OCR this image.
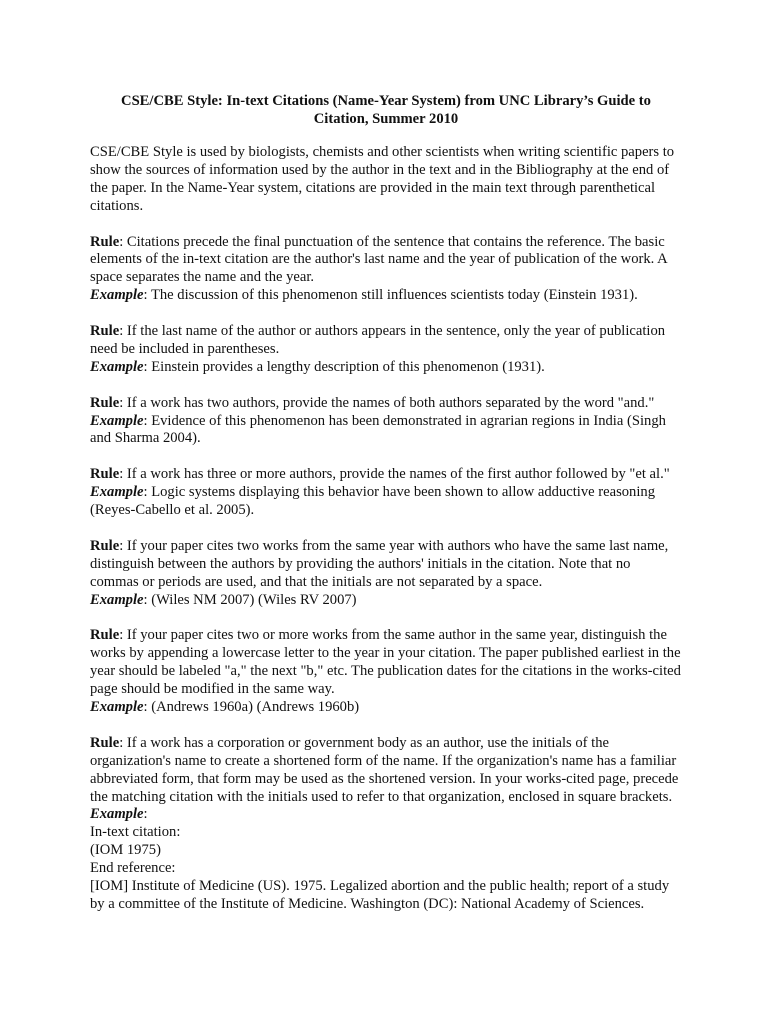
CSE/CBE Style: In-text Citations (Name-Year System) from UNC Library’s Guide to Citation, Summer 2010

CSE/CBE Style is used by biologists, chemists and other scientists when writing scientific papers to show the sources of information used by the author in the text and in the Bibliography at the end of the paper. In the Name-Year system, citations are provided in the main text through parenthetical citations.

Rule: Citations precede the final punctuation of the sentence that contains the reference. The basic elements of the in-text citation are the author's last name and the year of publication of the work. A space separates the name and the year.
Example: The discussion of this phenomenon still influences scientists today (Einstein 1931).
Rule: If the last name of the author or authors appears in the sentence, only the year of publication need be included in parentheses.
Example: Einstein provides a lengthy description of this phenomenon (1931).
Rule: If a work has two authors, provide the names of both authors separated by the word "and."
Example: Evidence of this phenomenon has been demonstrated in agrarian regions in India (Singh and Sharma 2004).
Rule: If a work has three or more authors, provide the names of the first author followed by "et al."
Example: Logic systems displaying this behavior have been shown to allow adductive reasoning (Reyes-Cabello et al. 2005).
Rule: If your paper cites two works from the same year with authors who have the same last name, distinguish between the authors by providing the authors' initials in the citation. Note that no commas or periods are used, and that the initials are not separated by a space.
Example: (Wiles NM 2007) (Wiles RV 2007)
Rule: If your paper cites two or more works from the same author in the same year, distinguish the works by appending a lowercase letter to the year in your citation. The paper published earliest in the year should be labeled "a," the next "b," etc. The publication dates for the citations in the works-cited page should be modified in the same way.
Example: (Andrews 1960a) (Andrews 1960b)
Rule: If a work has a corporation or government body as an author, use the initials of the organization's name to create a shortened form of the name. If the organization's name has a familiar abbreviated form, that form may be used as the shortened version. In your works-cited page, precede the matching citation with the initials used to refer to that organization, enclosed in square brackets.
Example:
In-text citation:
(IOM 1975)
End reference:
[IOM] Institute of Medicine (US). 1975. Legalized abortion and the public health; report of a study by a committee of the Institute of Medicine. Washington (DC): National Academy of Sciences.
